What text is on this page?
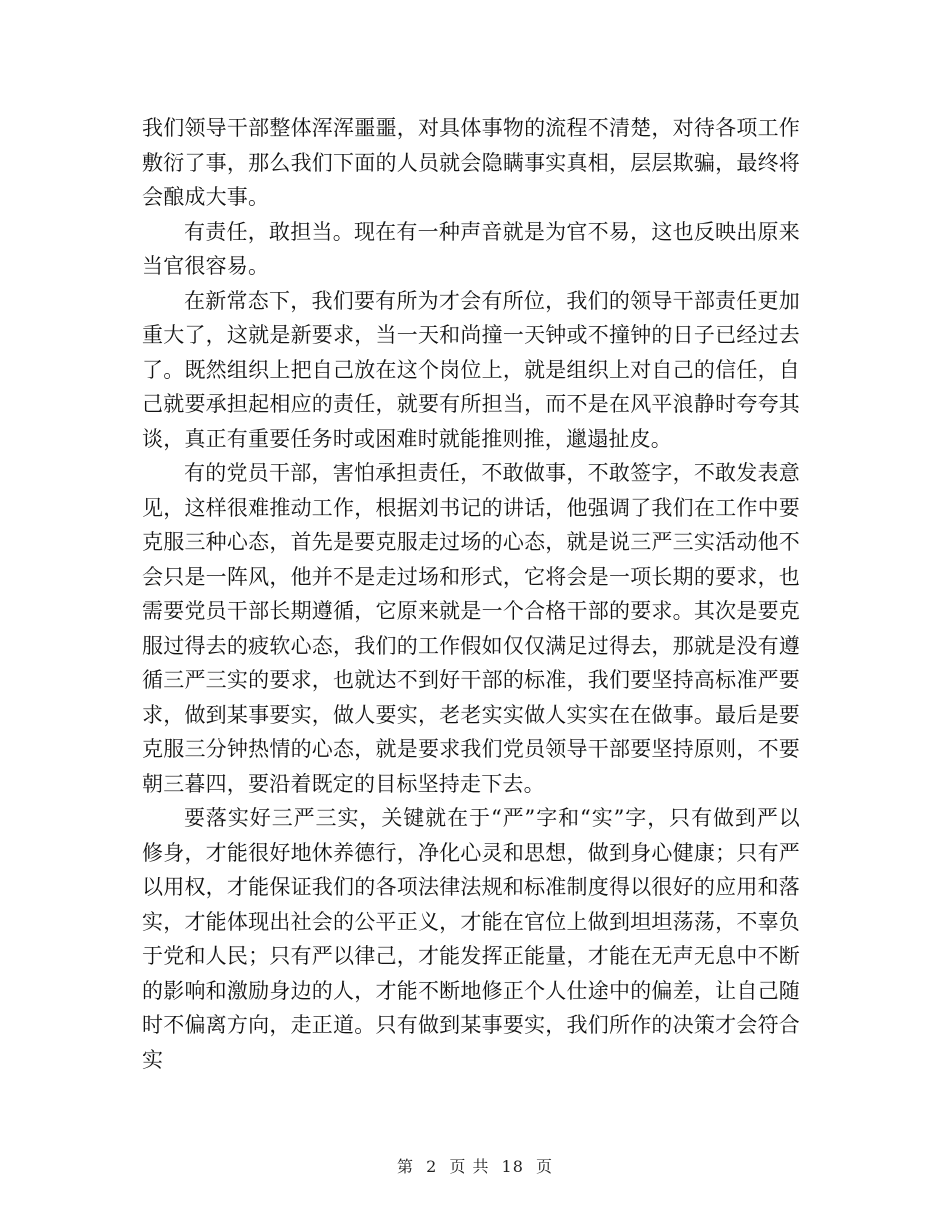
我们领导干部整体浑浑噩噩，对具体事物的流程不清楚，对待各项工作敷衍了事，那么我们下面的人员就会隐瞒事实真相，层层欺骗，最终将会酿成大事。

有责任，敢担当。现在有一种声音就是为官不易，这也反映出原来当官很容易。

在新常态下，我们要有所为才会有所位，我们的领导干部责任更加重大了，这就是新要求，当一天和尚撞一天钟或不撞钟的日子已经过去了。既然组织上把自己放在这个岗位上，就是组织上对自己的信任，自己就要承担起相应的责任，就要有所担当，而不是在风平浪静时夸夸其谈，真正有重要任务时或困难时就能推则推，邋遢扯皮。

有的党员干部，害怕承担责任，不敢做事，不敢签字，不敢发表意见，这样很难推动工作，根据刘书记的讲话，他强调了我们在工作中要克服三种心态，首先是要克服走过场的心态，就是说三严三实活动他不会只是一阵风，他并不是走过场和形式，它将会是一项长期的要求，也需要党员干部长期遵循，它原来就是一个合格干部的要求。其次是要克服过得去的疲软心态，我们的工作假如仅仅满足过得去，那就是没有遵循三严三实的要求，也就达不到好干部的标准，我们要坚持高标准严要求，做到某事要实，做人要实，老老实实做人实实在在做事。最后是要克服三分钟热情的心态，就是要求我们党员领导干部要坚持原则，不要朝三暮四，要沿着既定的目标坚持走下去。

要落实好三严三实，关键就在于“严”字和“实”字，只有做到严以修身，才能很好地休养德行，净化心灵和思想，做到身心健康；只有严以用权，才能保证我们的各项法律法规和标准制度得以很好的应用和落实，才能体现出社会的公平正义，才能在官位上做到坦坦荡荡，不辜负于党和人民；只有严以律己，才能发挥正能量，才能在无声无息中不断的影响和激励身边的人，才能不断地修正个人仕途中的偏差，让自己随时不偏离方向，走正道。只有做到某事要实，我们所作的决策才会符合实

第 2 页 共 18 页
